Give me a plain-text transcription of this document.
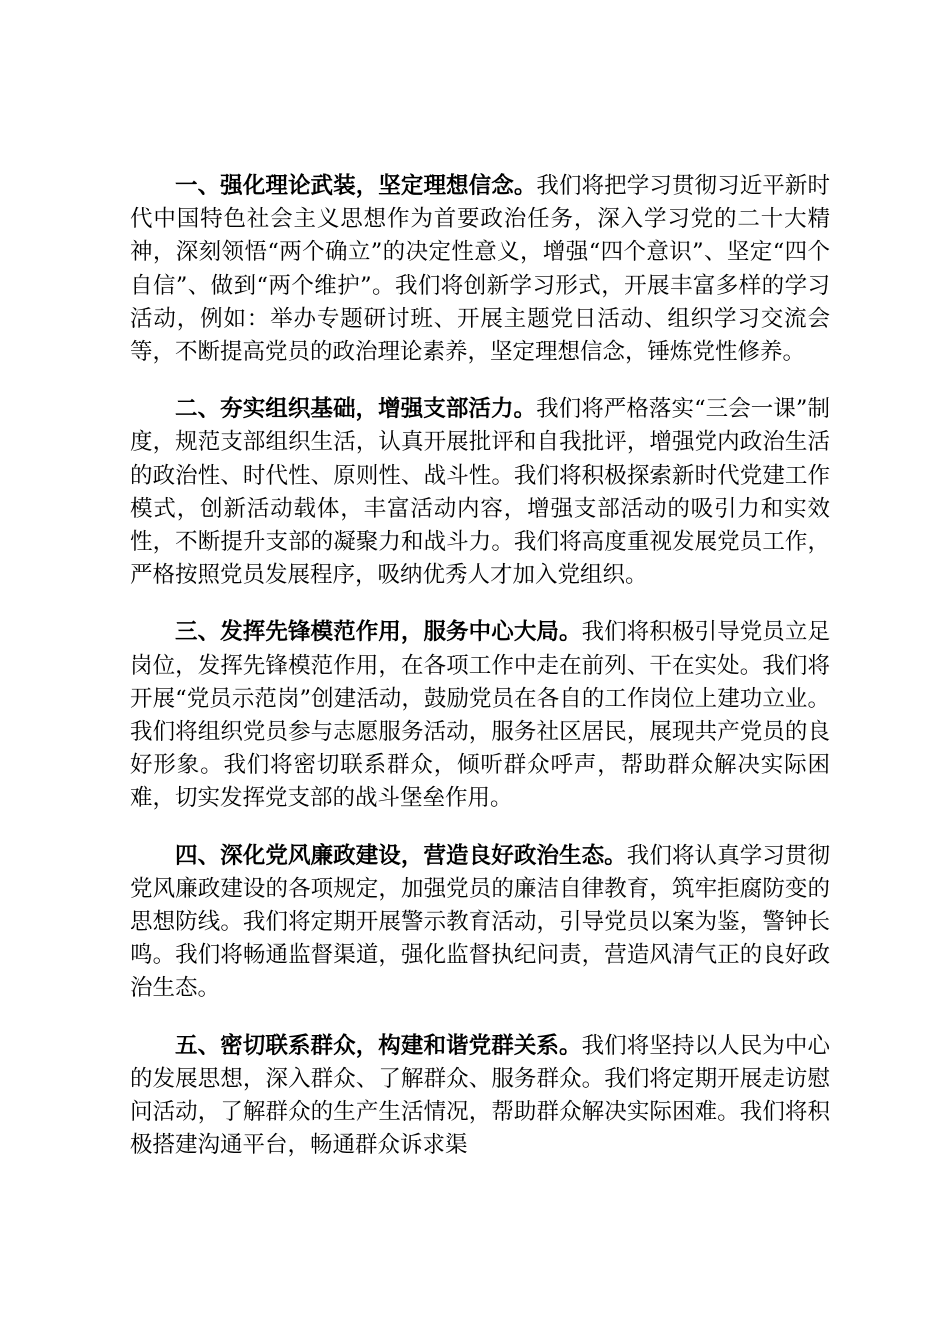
一、强化理论武装，坚定理想信念。我们将把学习贯彻习近平新时代中国特色社会主义思想作为首要政治任务，深入学习党的二十大精神，深刻领悟“两个确立”的决定性意义，增强“四个意识”、坚定“四个自信”、做到“两个维护”。我们将创新学习形式，开展丰富多样的学习活动，例如：举办专题研讨班、开展主题党日活动、组织学习交流会等，不断提高党员的政治理论素养，坚定理想信念，锤炼党性修养。

二、夯实组织基础，增强支部活力。我们将严格落实“三会一课”制度，规范支部组织生活，认真开展批评和自我批评，增强党内政治生活的政治性、时代性、原则性、战斗性。我们将积极探索新时代党建工作模式，创新活动载体，丰富活动内容，增强支部活动的吸引力和实效性，不断提升支部的凝聚力和战斗力。我们将高度重视发展党员工作，严格按照党员发展程序，吸纳优秀人才加入党组织。

三、发挥先锋模范作用，服务中心大局。我们将积极引导党员立足岗位，发挥先锋模范作用，在各项工作中走在前列、干在实处。我们将开展“党员示范岗”创建活动，鼓励党员在各自的工作岗位上建功立业。我们将组织党员参与志愿服务活动，服务社区居民，展现共产党员的良好形象。我们将密切联系群众，倾听群众呼声，帮助群众解决实际困难，切实发挥党支部的战斗堡垒作用。

四、深化党风廉政建设，营造良好政治生态。我们将认真学习贯彻党风廉政建设的各项规定，加强党员的廉洁自律教育，筑牢拒腐防变的思想防线。我们将定期开展警示教育活动，引导党员以案为鉴，警钟长鸣。我们将畅通监督渠道，强化监督执纪问责，营造风清气正的良好政治生态。

五、密切联系群众，构建和谐党群关系。我们将坚持以人民为中心的发展思想，深入群众、了解群众、服务群众。我们将定期开展走访慰问活动，了解群众的生产生活情况，帮助群众解决实际困难。我们将积极搭建沟通平台，畅通群众诉求渠
